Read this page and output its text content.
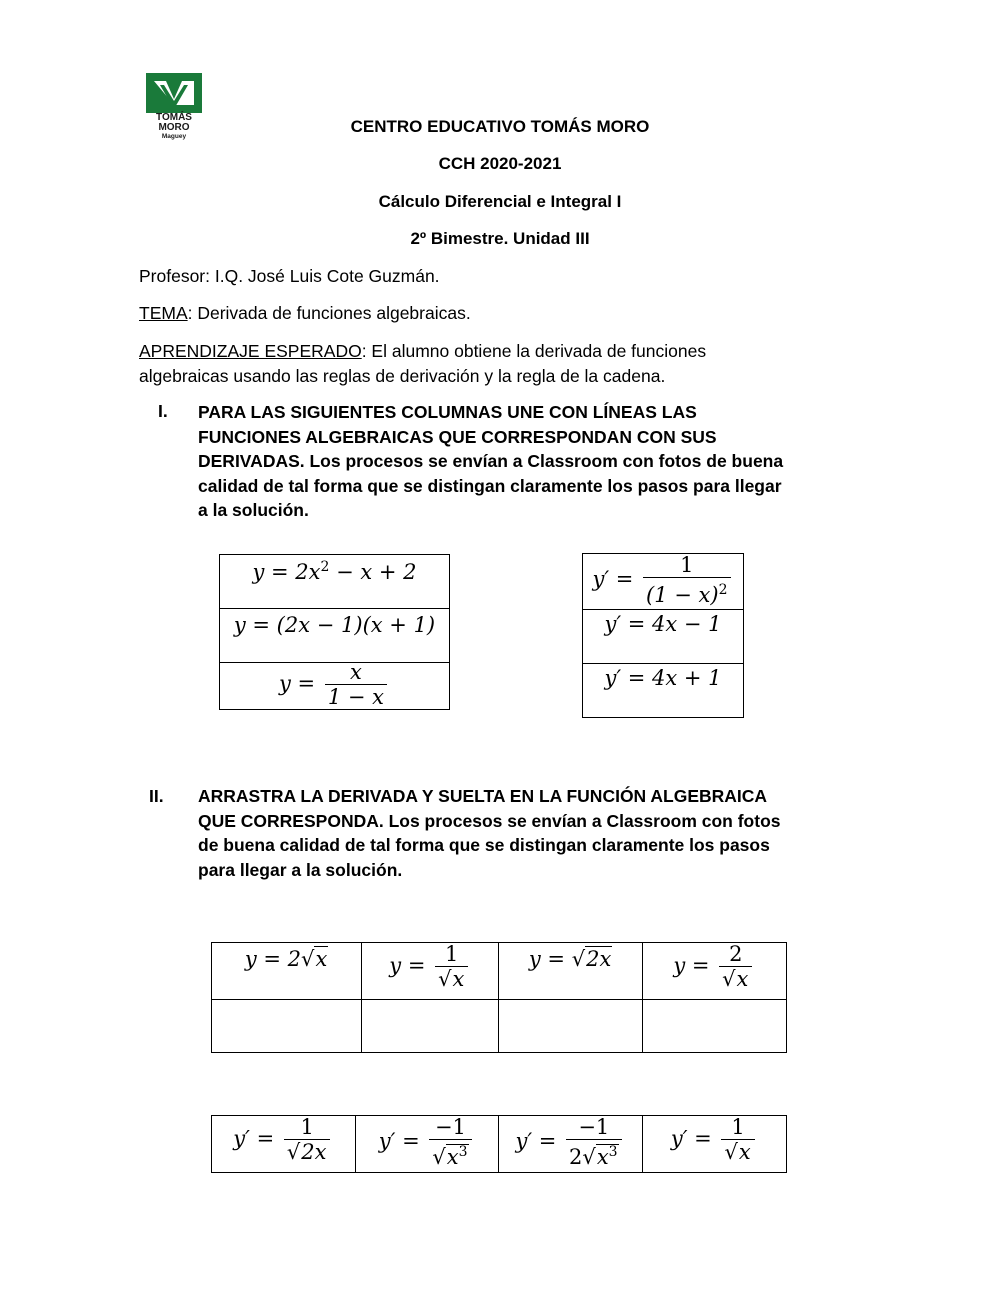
TOMÁS MORO
Maguey
CENTRO EDUCATIVO TOMÁS MORO
CCH 2020-2021
Cálculo Diferencial e Integral I
2º Bimestre. Unidad III
Profesor: I.Q. José Luis Cote Guzmán.
TEMA: Derivada de funciones algebraicas.
APRENDIZAJE ESPERADO: El alumno obtiene la derivada de funciones
algebraicas usando las reglas de derivación y la regla de la cadena.
I. PARA LAS SIGUIENTES COLUMNAS UNE CON LÍNEAS LAS
FUNCIONES ALGEBRAICAS QUE CORRESPONDAN CON SUS
DERIVADAS. Los procesos se envían a Classroom con fotos de buena
calidad de tal forma que se distingan claramente los pasos para llegar
a la solución.
$y = 2x^2 - x + 2$

y = (2x − 1)(x + 1)

$y = \frac{x}{1 - x}$
$y' = \frac{1}{(1 - x)^2}$

y′ = 4x − 1

y′ = 4x + 1
II. ARRASTRA LA DERIVADA Y SUELTA EN LA FUNCIÓN ALGEBRAICA
QUE CORRESPONDA. Los procesos se envían a Classroom con fotos
de buena calidad de tal forma que se distingan claramente los pasos
para llegar a la solución.
y = 2√x	$y = \frac{1}{√x}$	y = √2x	$y = \frac{2}{√x}$

$y' = \frac{1}{√2x}$	$y' = \frac{-1}{√x^3}$	$y' = \frac{-1}{2√x^3}$	$y' = \frac{1}{√x}$
